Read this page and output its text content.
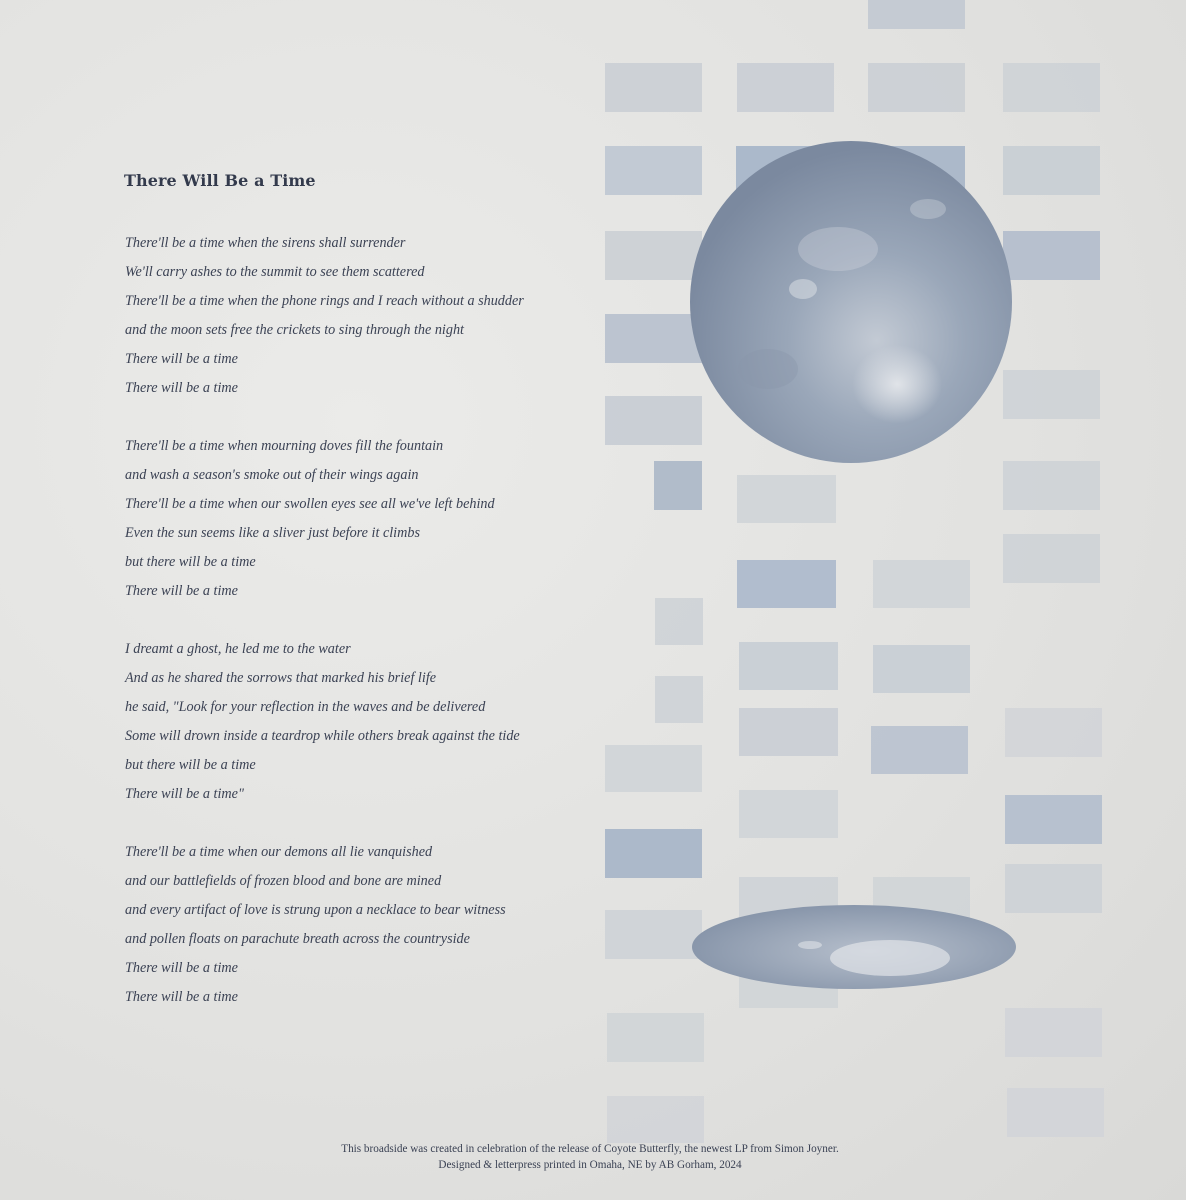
There Will Be a Time
There'll be a time when the sirens shall surrender
We'll carry ashes to the summit to see them scattered
There'll be a time when the phone rings and I reach without a shudder
and the moon sets free the crickets to sing through the night
There will be a time
There will be a time
There'll be a time when mourning doves fill the fountain
and wash a season's smoke out of their wings again
There'll be a time when our swollen eyes see all we've left behind
Even the sun seems like a sliver just before it climbs
but there will be a time
There will be a time
I dreamt a ghost, he led me to the water
And as he shared the sorrows that marked his brief life
he said, "Look for your reflection in the waves and be delivered
Some will drown inside a teardrop while others break against the tide
but there will be a time
There will be a time"
There'll be a time when our demons all lie vanquished
and our battlefields of frozen blood and bone are mined
and every artifact of love is strung upon a necklace to bear witness
and pollen floats on parachute breath across the countryside
There will be a time
There will be a time
This broadside was created in celebration of the release of Coyote Butterfly, the newest LP from Simon Joyner.
Designed & letterpress printed in Omaha, NE by AB Gorham, 2024
